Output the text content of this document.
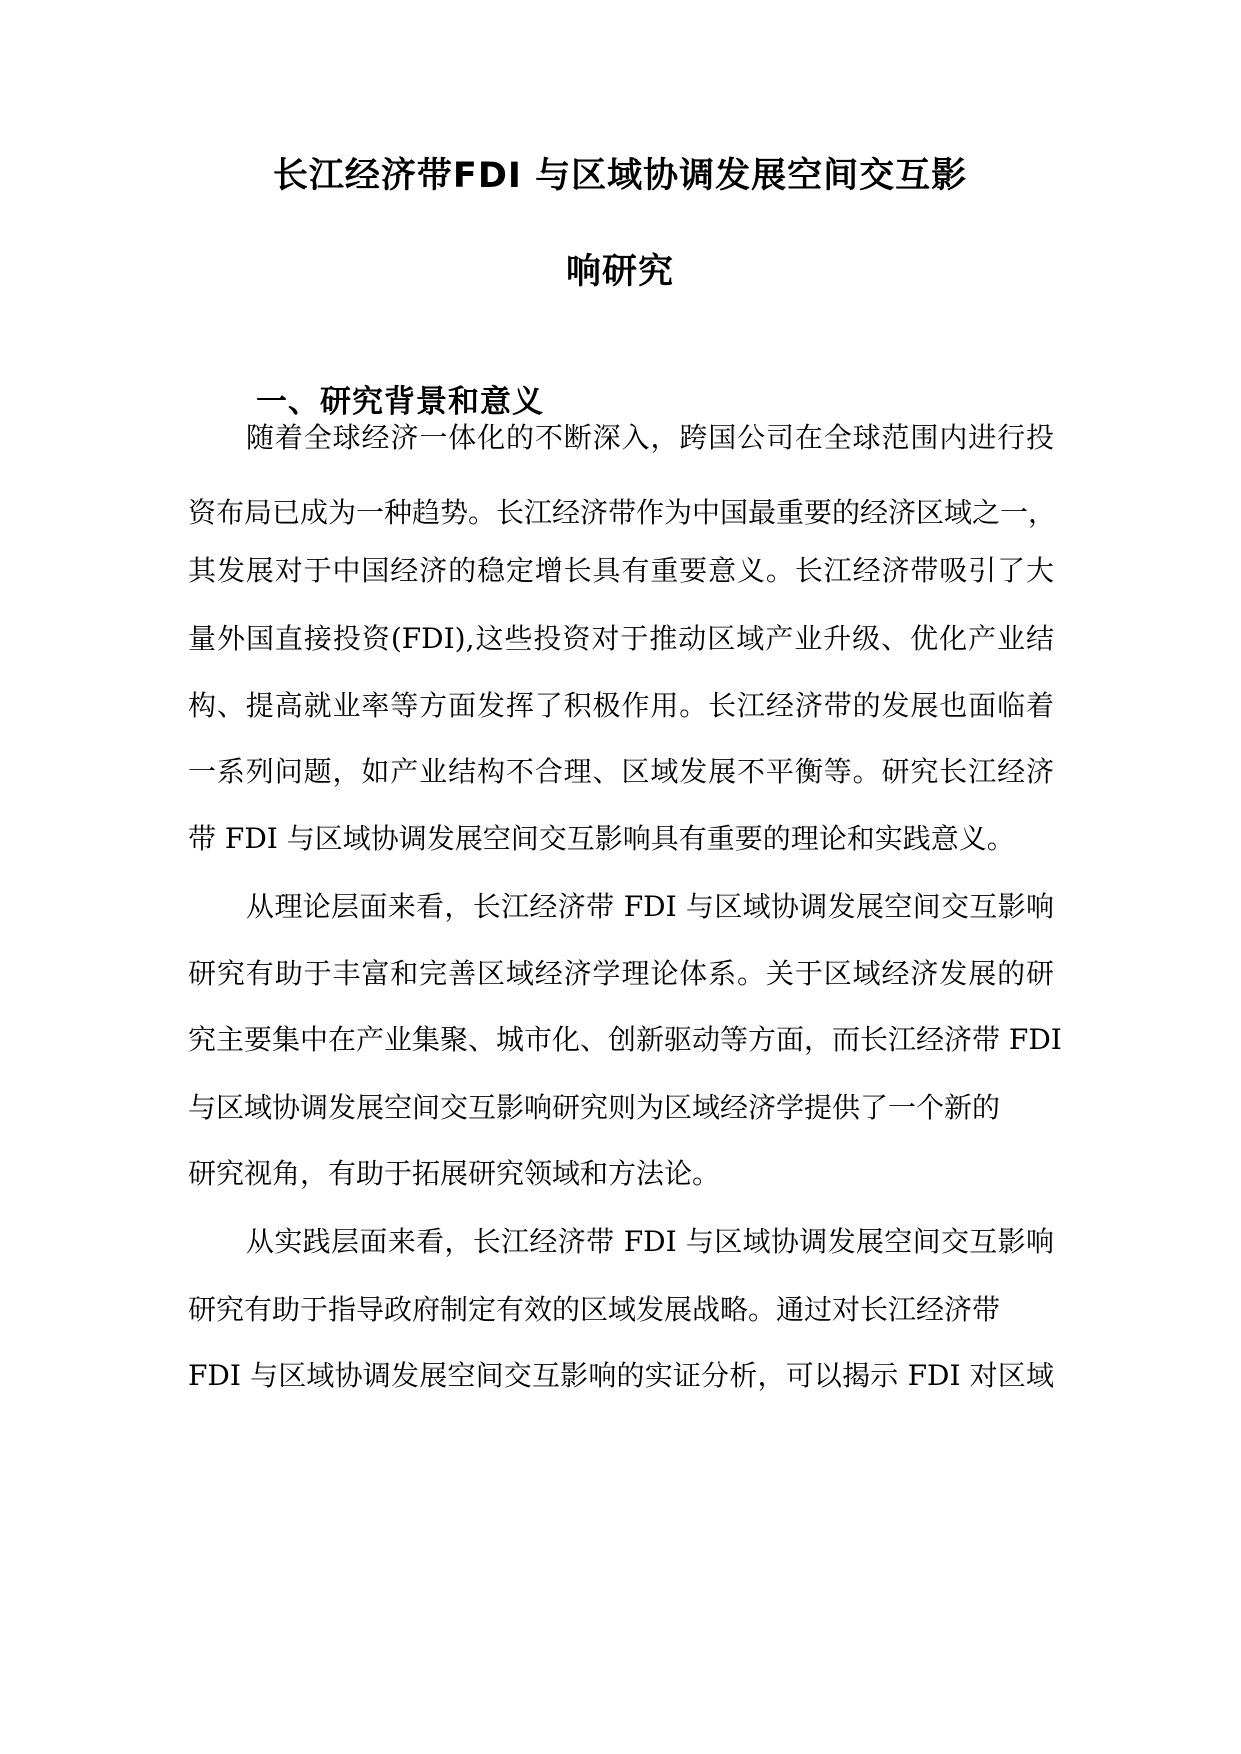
长江经济带FDI 与区域协调发展空间交互影
响研究
一、研究背景和意义
随着全球经济一体化的不断深入，跨国公司在全球范围内进行投
资布局已成为一种趋势。长江经济带作为中国最重要的经济区域之一，
其发展对于中国经济的稳定增长具有重要意义。长江经济带吸引了大
量外国直接投资(FDI),这些投资对于推动区域产业升级、优化产业结
构、提高就业率等方面发挥了积极作用。长江经济带的发展也面临着
一系列问题，如产业结构不合理、区域发展不平衡等。研究长江经济
带 FDI 与区域协调发展空间交互影响具有重要的理论和实践意义。
从理论层面来看，长江经济带 FDI 与区域协调发展空间交互影响
研究有助于丰富和完善区域经济学理论体系。关于区域经济发展的研
究主要集中在产业集聚、城市化、创新驱动等方面，而长江经济带 FDI
与区域协调发展空间交互影响研究则为区域经济学提供了一个新的
研究视角，有助于拓展研究领域和方法论。
从实践层面来看，长江经济带 FDI 与区域协调发展空间交互影响
研究有助于指导政府制定有效的区域发展战略。通过对长江经济带
FDI 与区域协调发展空间交互影响的实证分析，可以揭示 FDI 对区域
